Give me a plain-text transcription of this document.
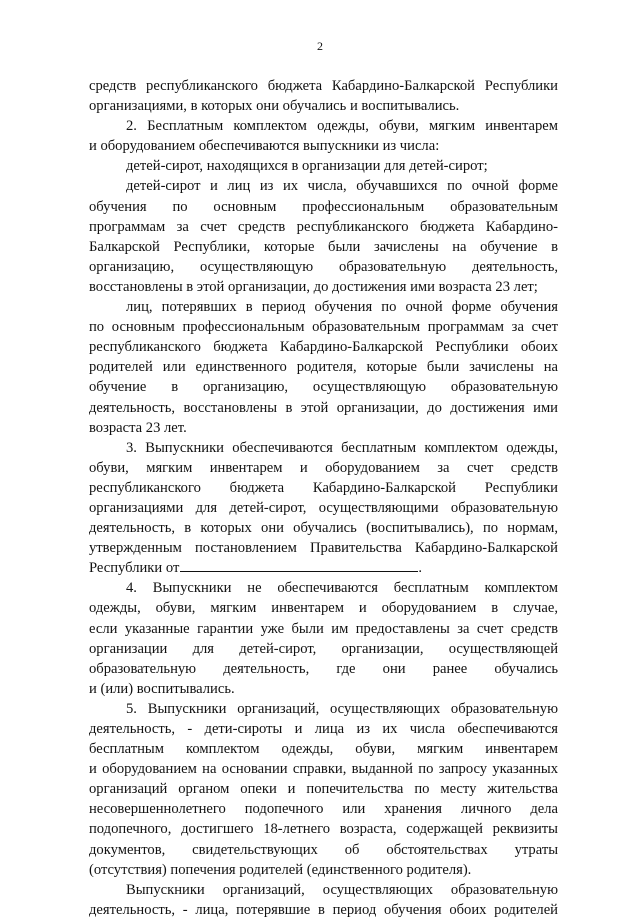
2
средств республиканского бюджета Кабардино-Балкарской Республики
организациями, в которых они обучались и воспитывались.
2. Бесплатным комплектом одежды, обуви, мягким инвентарем
и оборудованием обеспечиваются выпускники из числа:
детей-сирот, находящихся в организации для детей-сирот;
детей-сирот и лиц из их числа, обучавшихся по очной форме
обучения по основным профессиональным образовательным
программам за счет средств республиканского бюджета Кабардино-
Балкарской Республики, которые были зачислены на обучение в
организацию, осуществляющую образовательную деятельность,
восстановлены в этой организации, до достижения ими возраста 23 лет;
лиц, потерявших в период обучения по очной форме обучения
по основным профессиональным образовательным программам за счет
республиканского бюджета Кабардино-Балкарской Республики обоих
родителей или единственного родителя, которые были зачислены на
обучение в организацию, осуществляющую образовательную
деятельность, восстановлены в этой организации, до достижения ими
возраста 23 лет.
3. Выпускники обеспечиваются бесплатным комплектом одежды,
обуви, мягким инвентарем и оборудованием за счет средств
республиканского бюджета Кабардино-Балкарской Республики
организациями для детей-сирот, осуществляющими образовательную
деятельность, в которых они обучались (воспитывались), по нормам,
утвержденным постановлением Правительства Кабардино-Балкарской
Республики от	.
4. Выпускники не обеспечиваются бесплатным комплектом
одежды, обуви, мягким инвентарем и оборудованием в случае,
если указанные гарантии уже были им предоставлены за счет средств
организации для детей-сирот, организации, осуществляющей
образовательную деятельность, где они ранее обучались
и (или) воспитывались.
5. Выпускники организаций, осуществляющих образовательную
деятельность, - дети-сироты и лица из их числа обеспечиваются
бесплатным комплектом одежды, обуви, мягким инвентарем
и оборудованием на основании справки, выданной по запросу указанных
организаций органом опеки и попечительства по месту жительства
несовершеннолетнего подопечного или хранения личного дела
подопечного, достигшего 18-летнего возраста, содержащей реквизиты
документов, свидетельствующих об обстоятельствах утраты
(отсутствия) попечения родителей (единственного родителя).
Выпускники организаций, осуществляющих образовательную
деятельность, - лица, потерявшие в период обучения обоих родителей
